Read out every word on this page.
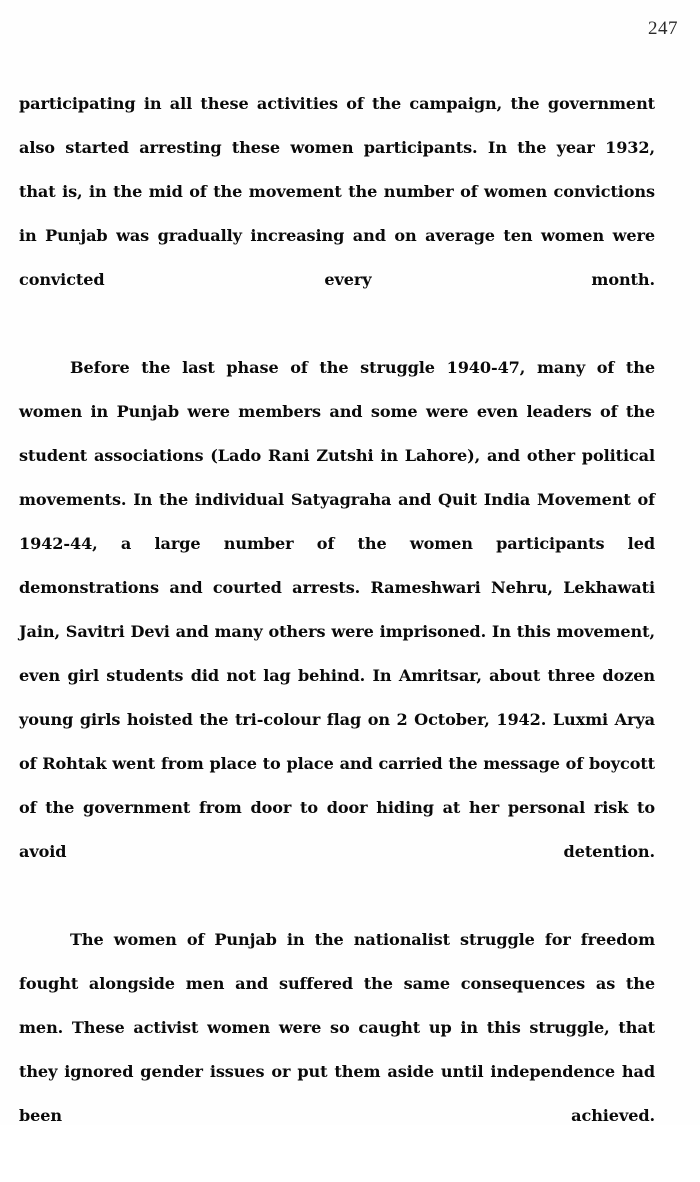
247

participating in all these activities of the campaign, the government also started arresting these women participants. In the year 1932, that is, in the mid of the movement the number of women convictions in Punjab was gradually increasing and on average ten women were convicted every month.

Before the last phase of the struggle 1940-47, many of the women in Punjab were members and some were even leaders of the student associations (Lado Rani Zutshi in Lahore), and other political movements. In the individual Satyagraha and Quit India Movement of 1942-44, a large number of the women participants led demonstrations and courted arrests. Rameshwari Nehru, Lekhawati Jain, Savitri Devi and many others were imprisoned. In this movement, even girl students did not lag behind. In Amritsar, about three dozen young girls hoisted the tri-colour flag on 2 October, 1942. Luxmi Arya of Rohtak went from place to place and carried the message of boycott of the government from door to door hiding at her personal risk to avoid detention.

The women of Punjab in the nationalist struggle for freedom fought alongside men and suffered the same consequences as the men. These activist women were so caught up in this struggle, that they ignored gender issues or put them aside until independence had been achieved.
